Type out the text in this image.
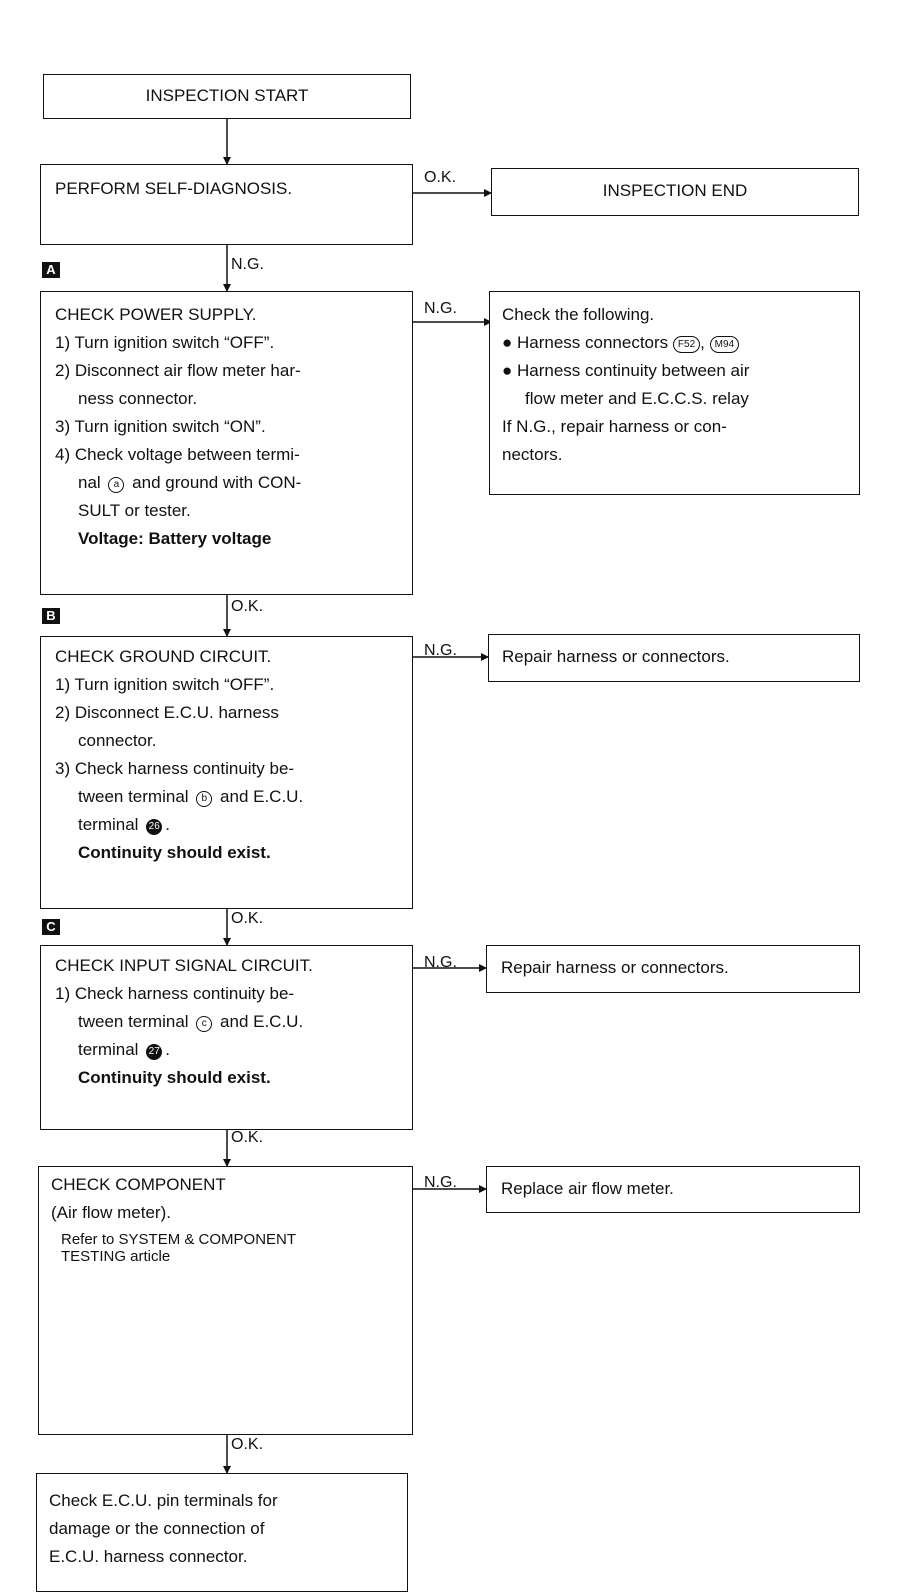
INSPECTION START
PERFORM SELF-DIAGNOSIS.
O.K.
INSPECTION END
A	N.G.
CHECK POWER SUPPLY.
1) Turn ignition switch “OFF”.
2) Disconnect air flow meter har-
ness connector.
3) Turn ignition switch “ON”.
4) Check voltage between termi-
nal a and ground with CON-
SULT or tester.
Voltage: Battery voltage
N.G.	Check the following.
● Harness connectors F52 , M94
● Harness continuity between air
flow meter and E.C.C.S. relay
If N.G., repair harness or con-
nectors.
B
O.K.
CHECK GROUND CIRCUIT.
1) Turn ignition switch “OFF”.
2) Disconnect E.C.U. harness
connector.
3) Check harness continuity be-
tween terminal b and E.C.U.
terminal 26 .
Continuity should exist.
N.G.	Repair harness or connectors.
C	O.K.
CHECK INPUT SIGNAL CIRCUIT.
1) Check harness continuity be-
tween terminal c and E.C.U.
terminal 27 .
Continuity should exist.
N.G.	Repair harness or connectors.
O.K.
CHECK COMPONENT
(Air flow meter).
Refer to SYSTEM & COMPONENT
TESTING article
N.G.	Replace air flow meter.
O.K.
Check E.C.U. pin terminals for
damage or the connection of
E.C.U. harness connector.
